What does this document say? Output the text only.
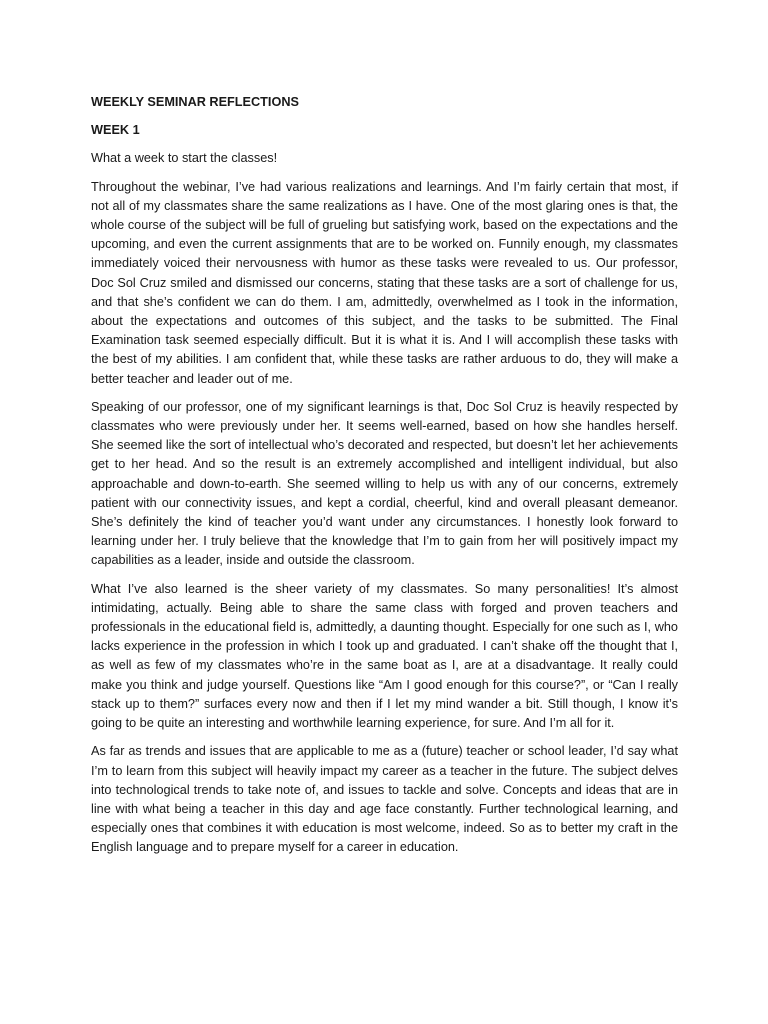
WEEKLY SEMINAR REFLECTIONS

WEEK 1

What a week to start the classes!

Throughout the webinar, I’ve had various realizations and learnings. And I’m fairly certain that most, if not all of my classmates share the same realizations as I have. One of the most glaring ones is that, the whole course of the subject will be full of grueling but satisfying work, based on the expectations and the upcoming, and even the current assignments that are to be worked on. Funnily enough, my classmates immediately voiced their nervousness with humor as these tasks were revealed to us. Our professor, Doc Sol Cruz smiled and dismissed our concerns, stating that these tasks are a sort of challenge for us, and that she’s confident we can do them. I am, admittedly, overwhelmed as I took in the information, about the expectations and outcomes of this subject, and the tasks to be submitted. The Final Examination task seemed especially difficult. But it is what it is. And I will accomplish these tasks with the best of my abilities. I am confident that, while these tasks are rather arduous to do, they will make a better teacher and leader out of me.

Speaking of our professor, one of my significant learnings is that, Doc Sol Cruz is heavily respected by classmates who were previously under her. It seems well-earned, based on how she handles herself. She seemed like the sort of intellectual who’s decorated and respected, but doesn’t let her achievements get to her head. And so the result is an extremely accomplished and intelligent individual, but also approachable and down-to-earth. She seemed willing to help us with any of our concerns, extremely patient with our connectivity issues, and kept a cordial, cheerful, kind and overall pleasant demeanor. She’s definitely the kind of teacher you’d want under any circumstances. I honestly look forward to learning under her. I truly believe that the knowledge that I’m to gain from her will positively impact my capabilities as a leader, inside and outside the classroom.

What I’ve also learned is the sheer variety of my classmates. So many personalities! It’s almost intimidating, actually. Being able to share the same class with forged and proven teachers and professionals in the educational field is, admittedly, a daunting thought. Especially for one such as I, who lacks experience in the profession in which I took up and graduated. I can’t shake off the thought that I, as well as few of my classmates who’re in the same boat as I, are at a disadvantage. It really could make you think and judge yourself. Questions like “Am I good enough for this course?”, or “Can I really stack up to them?” surfaces every now and then if I let my mind wander a bit. Still though, I know it’s going to be quite an interesting and worthwhile learning experience, for sure. And I’m all for it.

As far as trends and issues that are applicable to me as a (future) teacher or school leader, I’d say what I’m to learn from this subject will heavily impact my career as a teacher in the future. The subject delves into technological trends to take note of, and issues to tackle and solve. Concepts and ideas that are in line with what being a teacher in this day and age face constantly. Further technological learning, and especially ones that combines it with education is most welcome, indeed. So as to better my craft in the English language and to prepare myself for a career in education.
